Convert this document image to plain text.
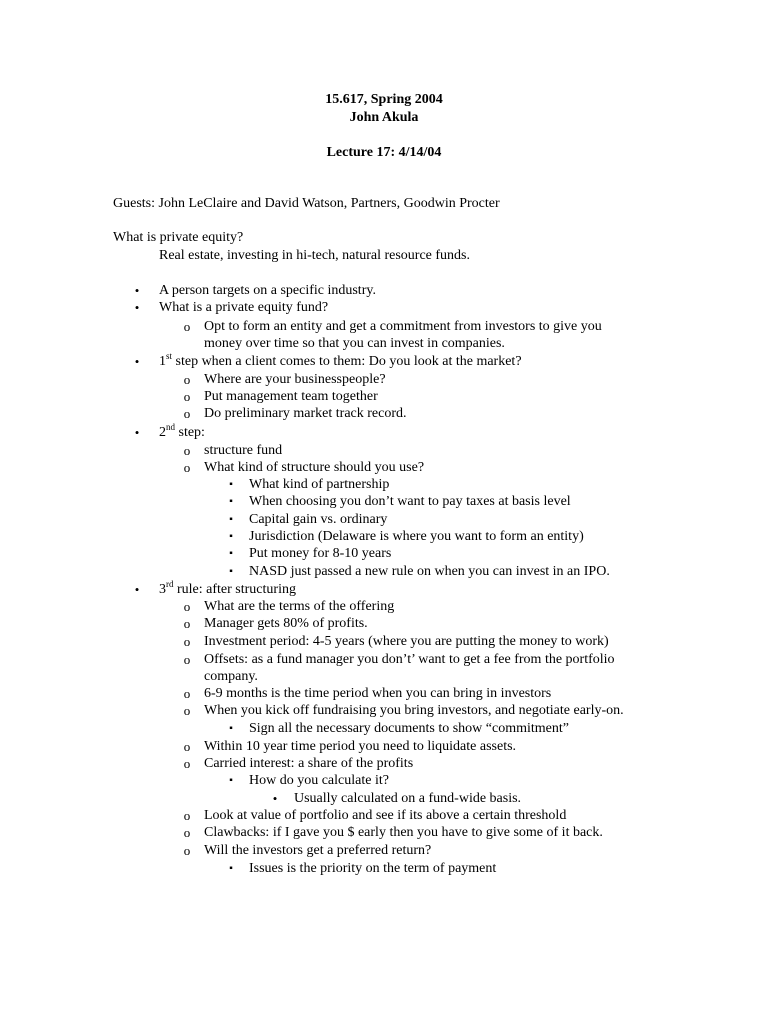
15.617, Spring 2004
John Akula
Lecture 17: 4/14/04
Guests: John LeClaire and David Watson, Partners, Goodwin Procter
What is private equity?
Real estate, investing in hi-tech, natural resource funds.
•	A person targets on a specific industry.
•	What is a private equity fund?
o Opt to form an entity and get a commitment from investors to give you
money over time so that you can invest in companies.
•	1st step when a client comes to them: Do you look at the market?
o Where are your businesspeople?
o Put management team together
o Do preliminary market track record.
•	2nd step:
o structure fund
o What kind of structure should you use?
▪	What kind of partnership
▪	When choosing you don’t want to pay taxes at basis level
▪	Capital gain vs. ordinary
▪	Jurisdiction (Delaware is where you want to form an entity)
▪	Put money for 8-10 years
▪	NASD just passed a new rule on when you can invest in an IPO.
•	3rd rule: after structuring
o What are the terms of the offering
o Manager gets 80% of profits.
o Investment period: 4-5 years (where you are putting the money to work)
o Offsets: as a fund manager you don’t’ want to get a fee from the portfolio
company.
o 6-9 months is the time period when you can bring in investors
o When you kick off fundraising you bring investors, and negotiate early-on.
▪	Sign all the necessary documents to show “commitment”
o Within 10 year time period you need to liquidate assets.
o Carried interest: a share of the profits
▪	How do you calculate it?
•	Usually calculated on a fund-wide basis.
o Look at value of portfolio and see if its above a certain threshold
o Clawbacks: if I gave you $ early then you have to give some of it back.
o Will the investors get a preferred return?
▪	Issues is the priority on the term of payment
